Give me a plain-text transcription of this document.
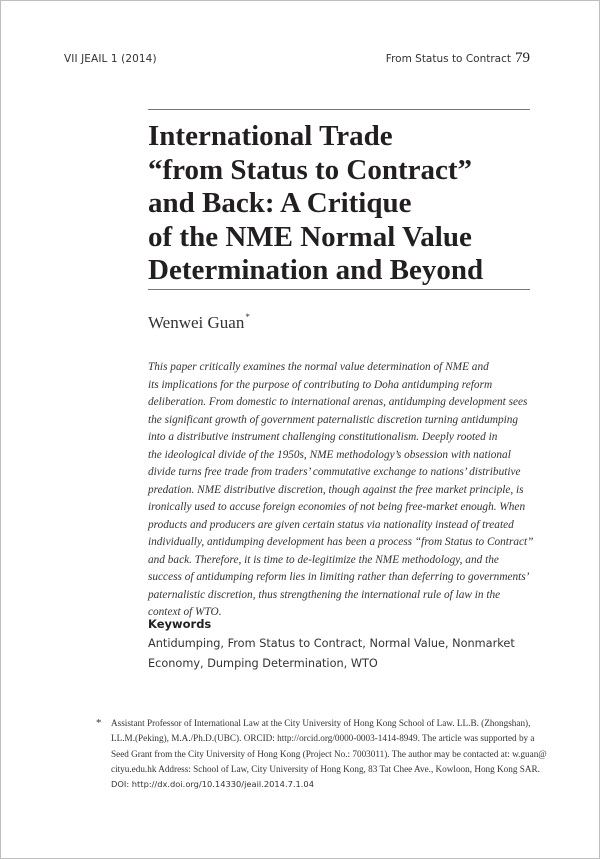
VII JEAIL 1 (2014)	From Status to Contract 79
International Trade
“from Status to Contract”
and Back: A Critique
of the NME Normal Value
Determination and Beyond
Wenwei Guan*
This paper critically examines the normal value determination of NME and
its implications for the purpose of contributing to Doha antidumping reform
deliberation. From domestic to international arenas, antidumping development sees
the significant growth of government paternalistic discretion turning antidumping
into a distributive instrument challenging constitutionalism. Deeply rooted in
the ideological divide of the 1950s, NME methodology’s obsession with national
divide turns free trade from traders’ commutative exchange to nations’ distributive
predation. NME distributive discretion, though against the free market principle, is
ironically used to accuse foreign economies of not being free-market enough. When
products and producers are given certain status via nationality instead of treated
individually, antidumping development has been a process “from Status to Contract”
and back. Therefore, it is time to de-legitimize the NME methodology, and the
success of antidumping reform lies in limiting rather than deferring to governments’
paternalistic discretion, thus strengthening the international rule of law in the
context of WTO.
Keywords
Antidumping, From Status to Contract, Normal Value, Nonmarket
Economy, Dumping Determination, WTO
* Assistant Professor of International Law at the City University of Hong Kong School of Law. LL.B. (Zhongshan),
LL.M.(Peking), M.A./Ph.D.(UBC). ORCID: http://orcid.org/0000-0003-1414-8949. The article was supported by a
Seed Grant from the City University of Hong Kong (Project No.: 7003011). The author may be contacted at: w.guan@
cityu.edu.hk Address: School of Law, City University of Hong Kong, 83 Tat Chee Ave., Kowloon, Hong Kong SAR.
DOI: http://dx.doi.org/10.14330/jeail.2014.7.1.04
